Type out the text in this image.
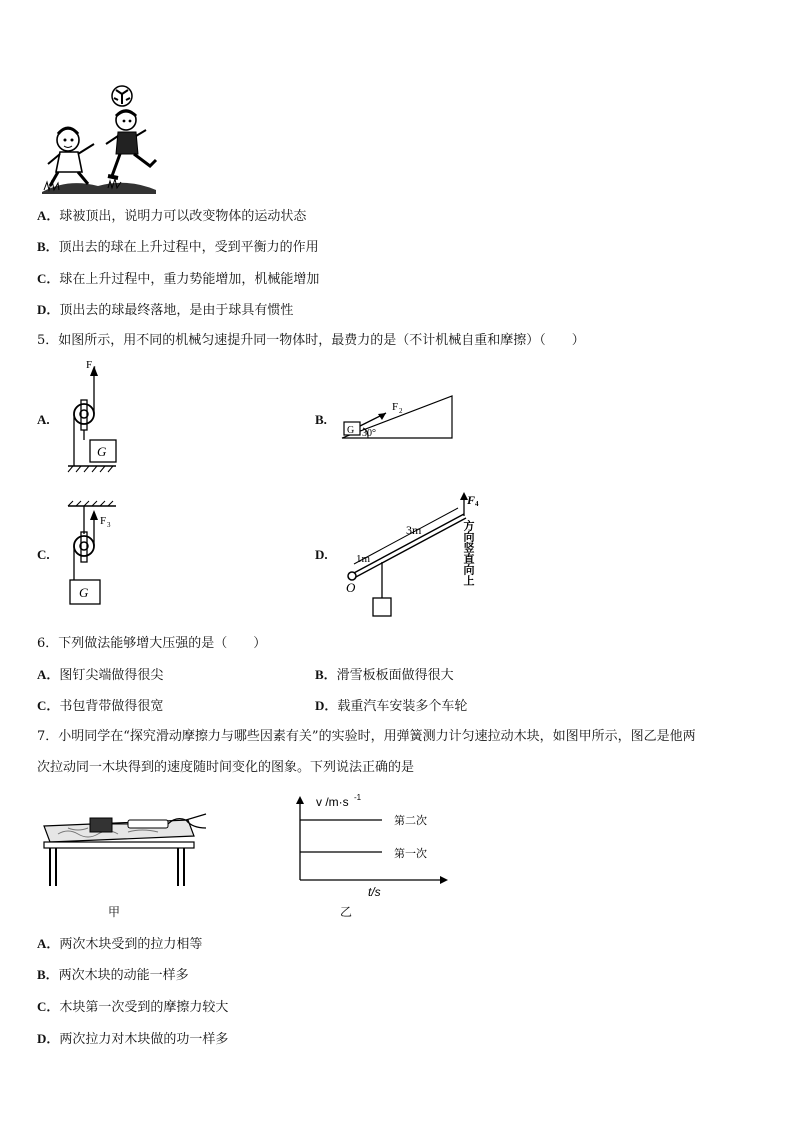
A．球被顶出，说明力可以改变物体的运动状态
B．顶出去的球在上升过程中，受到平衡力的作用
C．球在上升过程中，重力势能增加，机械能增加
D．顶出去的球最终落地，是由于球具有惯性
5．如图所示，用不同的机械匀速提升同一物体时，最费力的是（不计机械自重和摩擦）（　　）
A.
G
F 1
B.
G
F 2
30°
C.
F 3
G
D.
O
1m
3m
F 4
方向竖直向上
6．下列做法能够增大压强的是（　　）
A．图钉尖端做得很尖	B．滑雪板板面做得很大
C．书包背带做得很宽	D．载重汽车安装多个车轮
7．小明同学在“探究滑动摩擦力与哪些因素有关”的实验时，用弹簧测力计匀速拉动木块，如图甲所示，图乙是他两
次拉动同一木块得到的速度随时间变化的图象。下列说法正确的是
甲
v /m·s -1
t/s
第二次
第一次
乙
A．两次木块受到的拉力相等
B．两次木块的动能一样多
C．木块第一次受到的摩擦力较大
D．两次拉力对木块做的功一样多
